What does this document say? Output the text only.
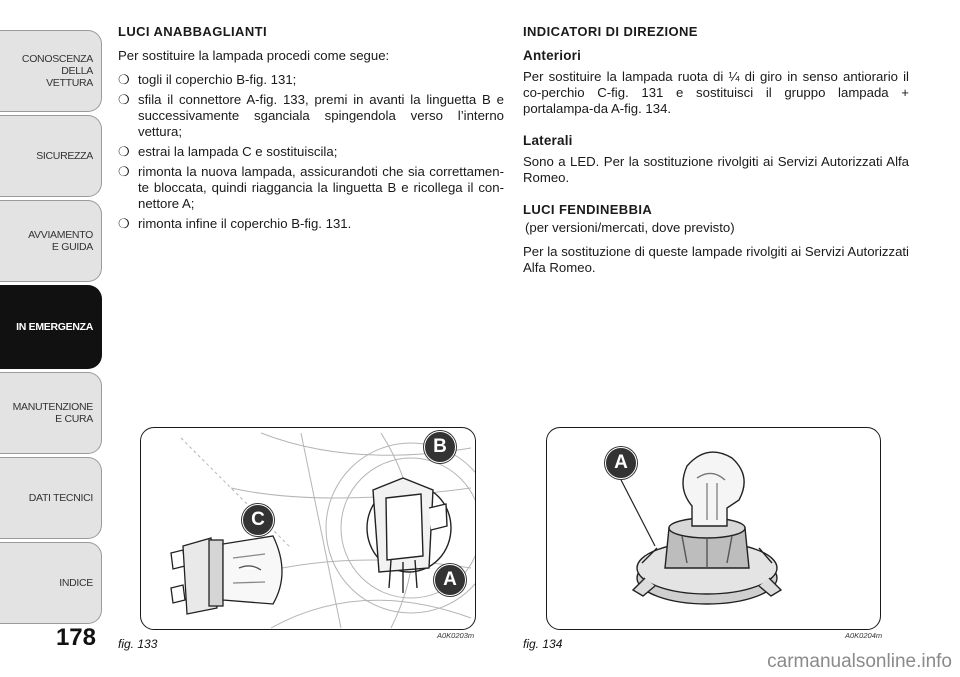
CONOSCENZA
DELLA
VETTURA
SICUREZZA
AVVIAMENTO
E GUIDA
IN EMERGENZA
MANUTENZIONE
E CURA
DATI TECNICI
INDICE
178
LUCI ANABBAGLIANTI

Per sostituire la lampada procedi come segue:

❍ togli il coperchio B-fig. 131;
❍ sfila il connettore A-fig. 133, premi in avanti la linguetta B e successivamente sganciala spingendola verso l’interno vettura;
❍ estrai la lampada C e sostituiscila;
❍ rimonta la nuova lampada, assicurandoti che sia correttamen-te bloccata, quindi riaggancia la linguetta B e ricollega il con-nettore A;
❍ rimonta infine il coperchio B-fig. 131.
INDICATORI DI DIREZIONE
Anteriori

Per sostituire la lampada ruota di ¼ di giro in senso antiorario il co-perchio C-fig. 131 e sostituisci il gruppo lampada + portalampa-da A-fig. 134.

Laterali

Sono a LED. Per la sostituzione rivolgiti ai Servizi Autorizzati Alfa Romeo.

LUCI FENDINEBBIA

(per versioni/mercati, dove previsto)

Per la sostituzione di queste lampade rivolgiti ai Servizi Autorizzati Alfa Romeo.

B
C
A
fig. 133
A0K0203m
A
fig. 134
A0K0204m
carmanualsonline.info
